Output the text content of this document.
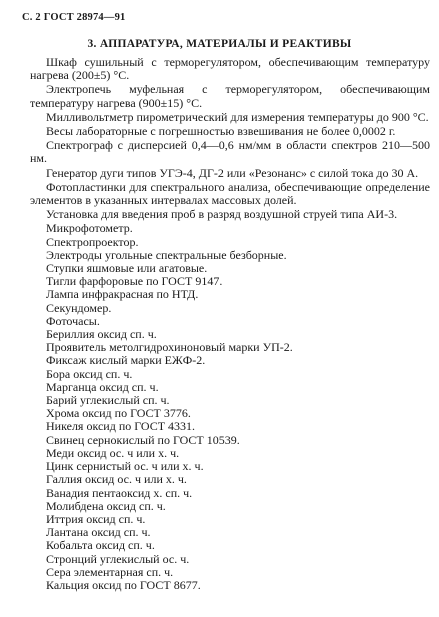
С. 2 ГОСТ 28974—91
3. АППАРАТУРА, МАТЕРИАЛЫ И РЕАКТИВЫ

Шкаф сушильный с терморегулятором, обеспечивающим температуру нагрева (200±5) °С.

Электропечь муфельная с терморегулятором, обеспечивающим температуру нагрева (900±15) °С.

Милливольтметр пирометрический для измерения температуры до 900 °С.

Весы лабораторные с погрешностью взвешивания не более 0,0002 г.

Спектрограф с дисперсией 0,4—0,6 нм/мм в области спектров 210—500 нм.

Генератор дуги типов УГЭ-4, ДГ-2 или «Резонанс» с силой тока до 30 А.

Фотопластинки для спектрального анализа, обеспечивающие определение элементов в указанных интервалах массовых долей.

Установка для введения проб в разряд воздушной струей типа АИ-3.

Микрофотометр.
Спектропроектор.
Электроды угольные спектральные безборные.
Ступки яшмовые или агатовые.
Тигли фарфоровые по ГОСТ 9147.
Лампа инфракрасная по НТД.
Секундомер.
Фоточасы.
Бериллия оксид сп. ч.
Проявитель метолгидрохиноновый марки УП-2.
Фиксаж кислый марки ЕЖФ-2.
Бора оксид сп. ч.
Марганца оксид сп. ч.
Барий углекислый сп. ч.
Хрома оксид по ГОСТ 3776.
Никеля оксид по ГОСТ 4331.
Свинец сернокислый по ГОСТ 10539.
Меди оксид ос. ч или х. ч.
Цинк сернистый ос. ч или х. ч.
Галлия оксид ос. ч или х. ч.
Ванадия пентаоксид х. сп. ч.
Молибдена оксид сп. ч.
Иттрия оксид сп. ч.
Лантана оксид сп. ч.
Кобальта оксид сп. ч.
Стронций углекислый ос. ч.
Сера элементарная сп. ч.
Кальция оксид по ГОСТ 8677.
